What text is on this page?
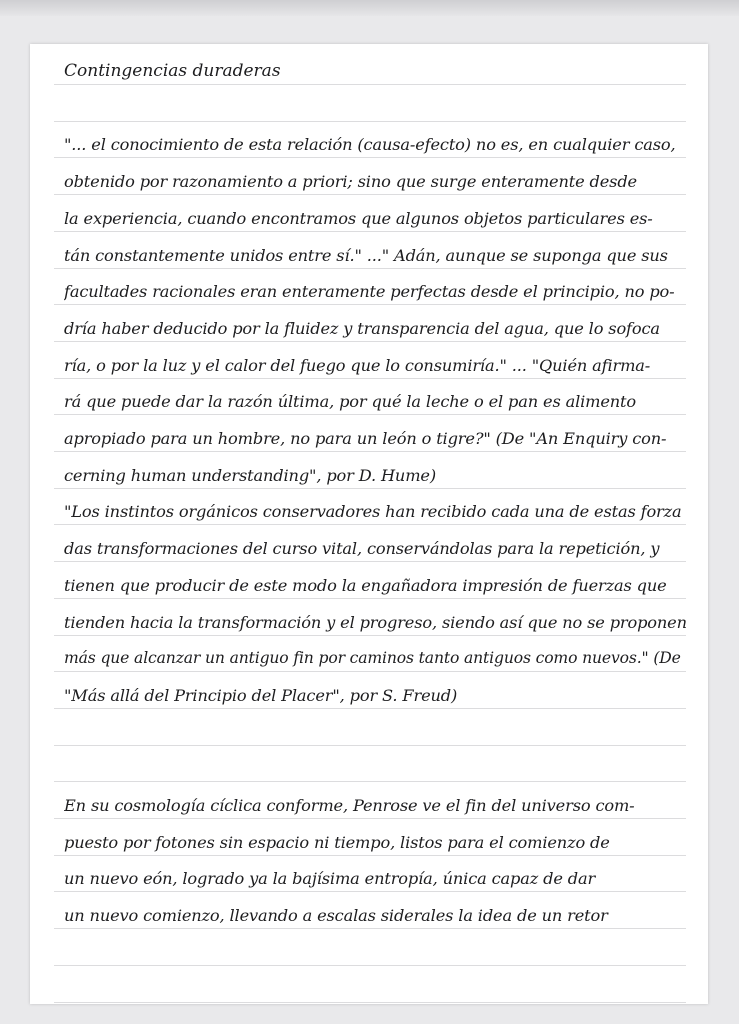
Contingencias duraderas
"... el conocimiento de esta relación (causa-efecto) no es, en cualquier caso,
obtenido por razonamiento a priori; sino que surge enteramente desde
la experiencia, cuando encontramos que algunos objetos particulares es-
tán constantemente unidos entre sí." ..." Adán, aunque se suponga que sus
facultades racionales eran enteramente perfectas desde el principio, no po-
dría haber deducido por la fluidez y transparencia del agua, que lo sofoca
ría, o por la luz y el calor del fuego que lo consumiría." ... "Quién afirma-
rá que puede dar la razón última, por qué la leche o el pan es alimento
apropiado para un hombre, no para un león o tigre?" (De "An Enquiry con-
cerning human understanding", por D. Hume)
"Los instintos orgánicos conservadores han recibido cada una de estas forza
das transformaciones del curso vital, conservándolas para la repetición, y
tienen que producir de este modo la engañadora impresión de fuerzas que
tienden hacia la transformación y el progreso, siendo así que no se proponen
más que alcanzar un antiguo fin por caminos tanto antiguos como nuevos." (De
"Más allá del Principio del Placer", por S. Freud)
En su cosmología cíclica conforme, Penrose ve el fin del universo com-
puesto por fotones sin espacio ni tiempo, listos para el comienzo de
un nuevo eón, logrado ya la bajísima entropía, única capaz de dar
un nuevo comienzo, llevando a escalas siderales la idea de un retor
